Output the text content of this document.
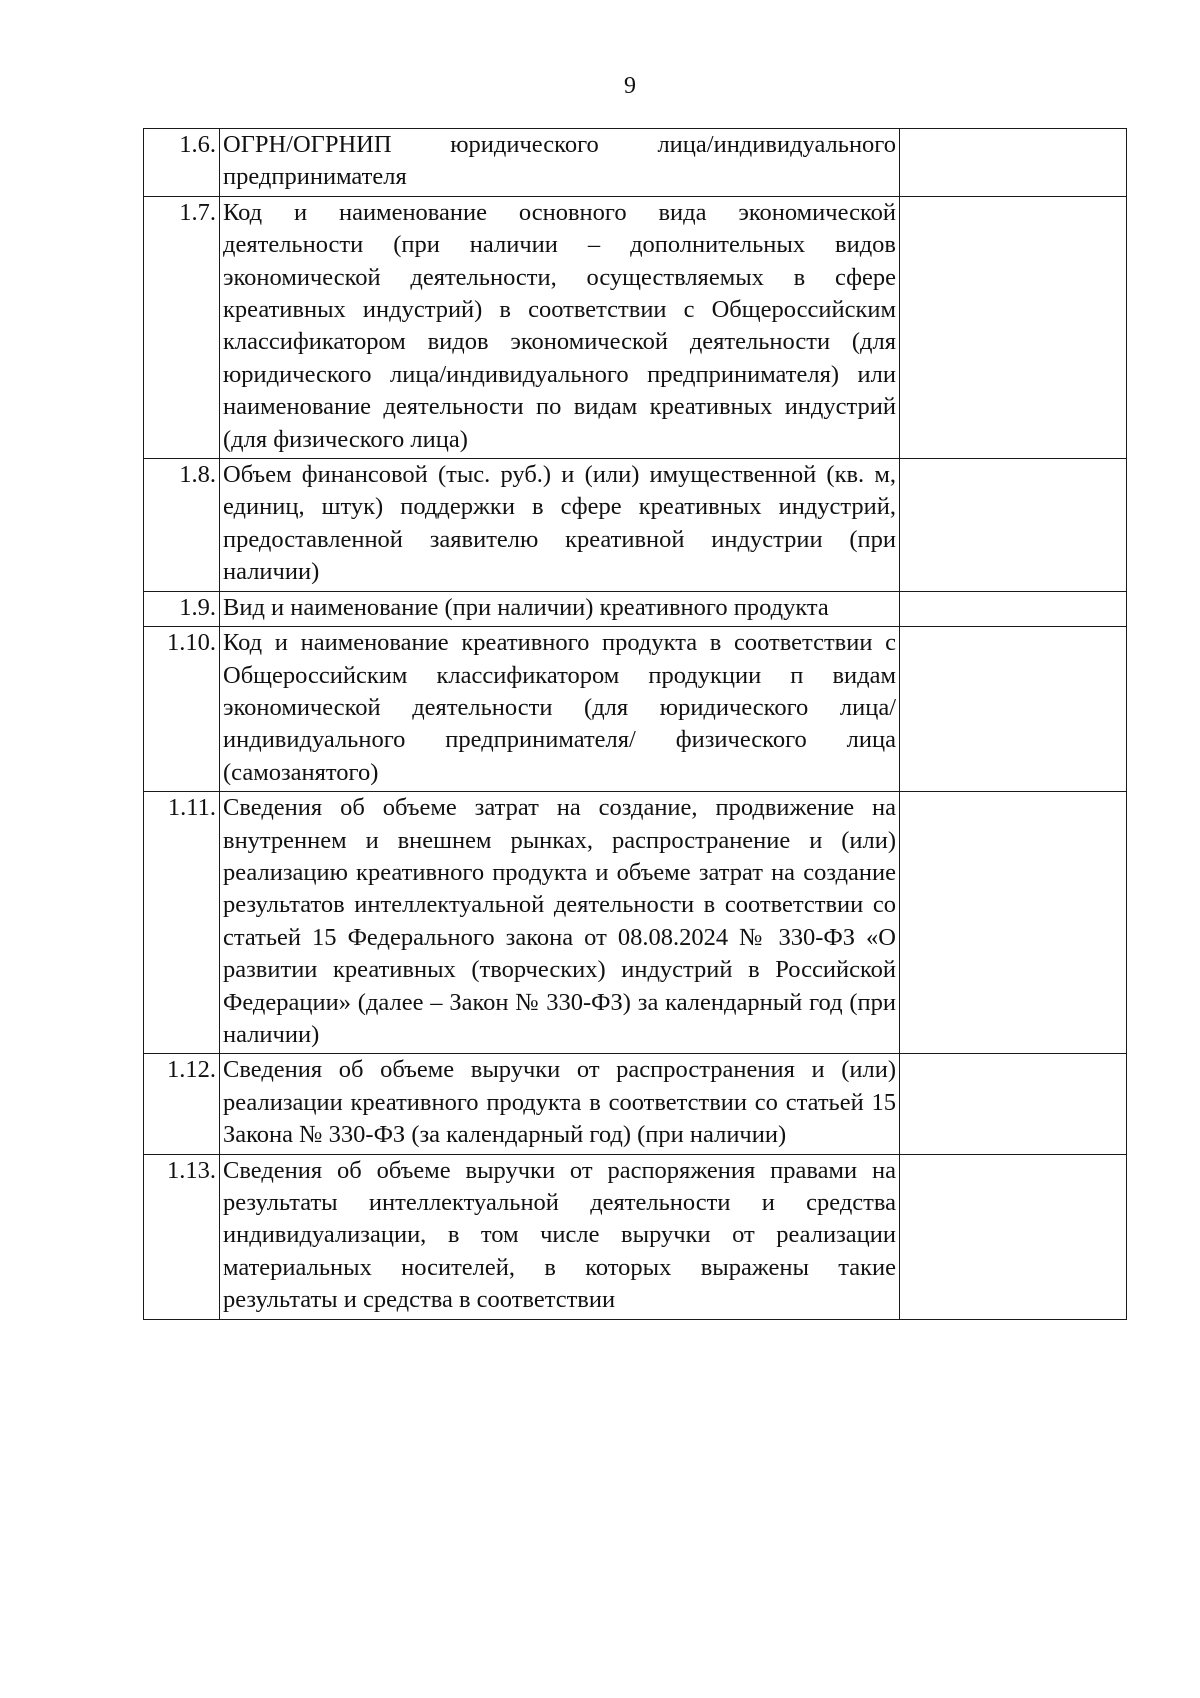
9
1.6.	ОГРН/ОГРНИП юридического лица/индивидуального предпринимателя	
1.7.	Код и наименование основного вида экономической деятельности (при наличии – дополнительных видов экономической деятельности, осуществляемых в сфере креативных индустрий) в соответствии с Общероссийским классификатором видов экономической деятельности (для юридического лица/индивидуального предпринимателя) или наименование деятельности по видам креативных индустрий (для физического лица)	
1.8.	Объем финансовой (тыс. руб.) и (или) имущественной (кв. м, единиц, штук) поддержки в сфере креативных индустрий, предоставленной заявителю креативной индустрии (при наличии)	
1.9.	Вид и наименование (при наличии) креативного продукта	
1.10.	Код и наименование креативного продукта в соответствии с Общероссийским классификатором продукции п видам экономической деятельности (для юридического лица/индивидуального предпринимателя/ физического лица (самозанятого)	
1.11.	Сведения об объеме затрат на создание, продвижение на внутреннем и внешнем рынках, распространение и (или) реализацию креативного продукта и объеме затрат на создание результатов интеллектуальной деятельности в соответствии со статьей 15 Федерального закона от 08.08.2024 № 330-ФЗ «О развитии креативных (творческих) индустрий в Российской Федерации» (далее – Закон № 330-ФЗ) за календарный год (при наличии)	
1.12.	Сведения об объеме выручки от распространения и (или) реализации креативного продукта в соответствии со статьей 15 Закона № 330-ФЗ (за календарный год) (при наличии)	
1.13.	Сведения об объеме выручки от распоряжения правами на результаты интеллектуальной деятельности и средства индивидуализации, в том числе выручки от реализации материальных носителей, в которых выражены такие результаты и средства в соответствии	
